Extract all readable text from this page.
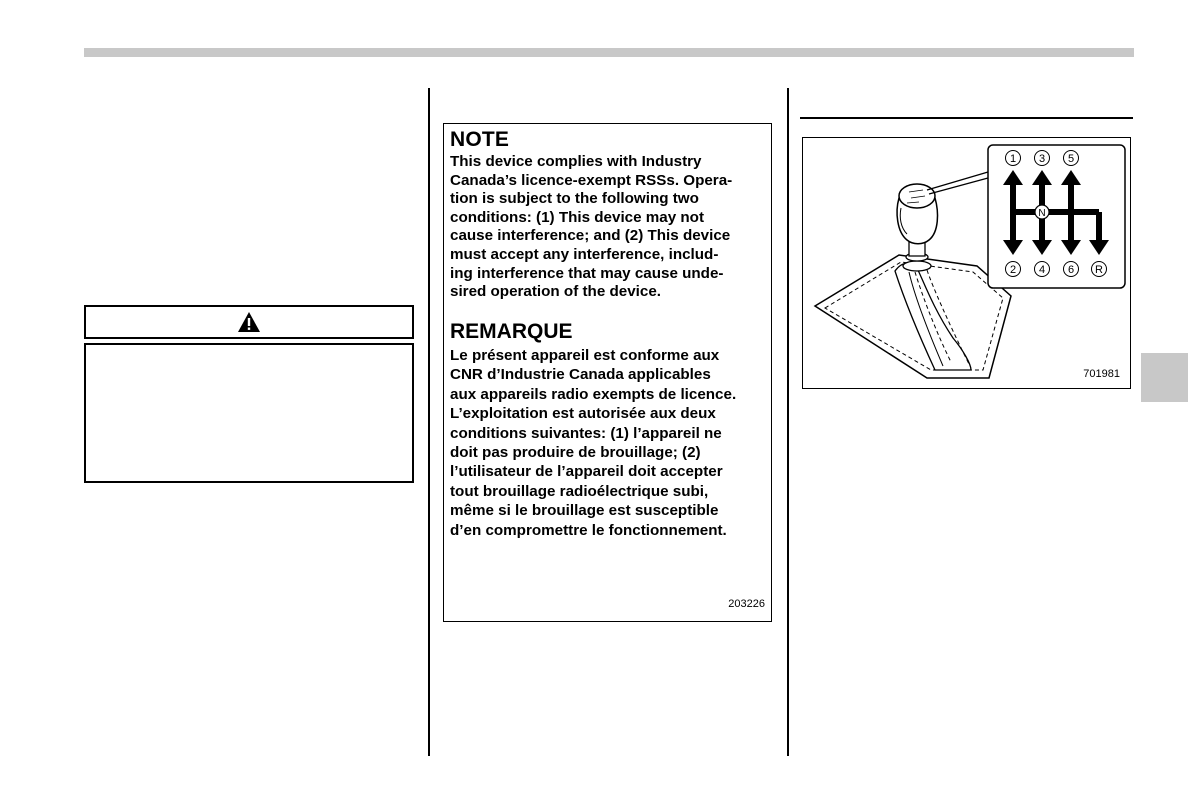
NOTE
This device complies with Industry
Canada’s licence-exempt RSSs. Opera-
tion is subject to the following two
conditions: (1) This device may not
cause interference; and (2) This device
must accept any interference, includ-
ing interference that may cause unde-
sired operation of the device.
REMARQUE
Le présent appareil est conforme aux
CNR d’Industrie Canada applicables
aux appareils radio exempts de licence.
L’exploitation est autorisée aux deux
conditions suivantes: (1) l’appareil ne
doit pas produire de brouillage; (2)
l’utilisateur de l’appareil doit accepter
tout brouillage radioélectrique subi,
même si le brouillage est susceptible
d’en compromettre le fonctionnement.
203226
1 3 5
2 4 6 R
N
701981
